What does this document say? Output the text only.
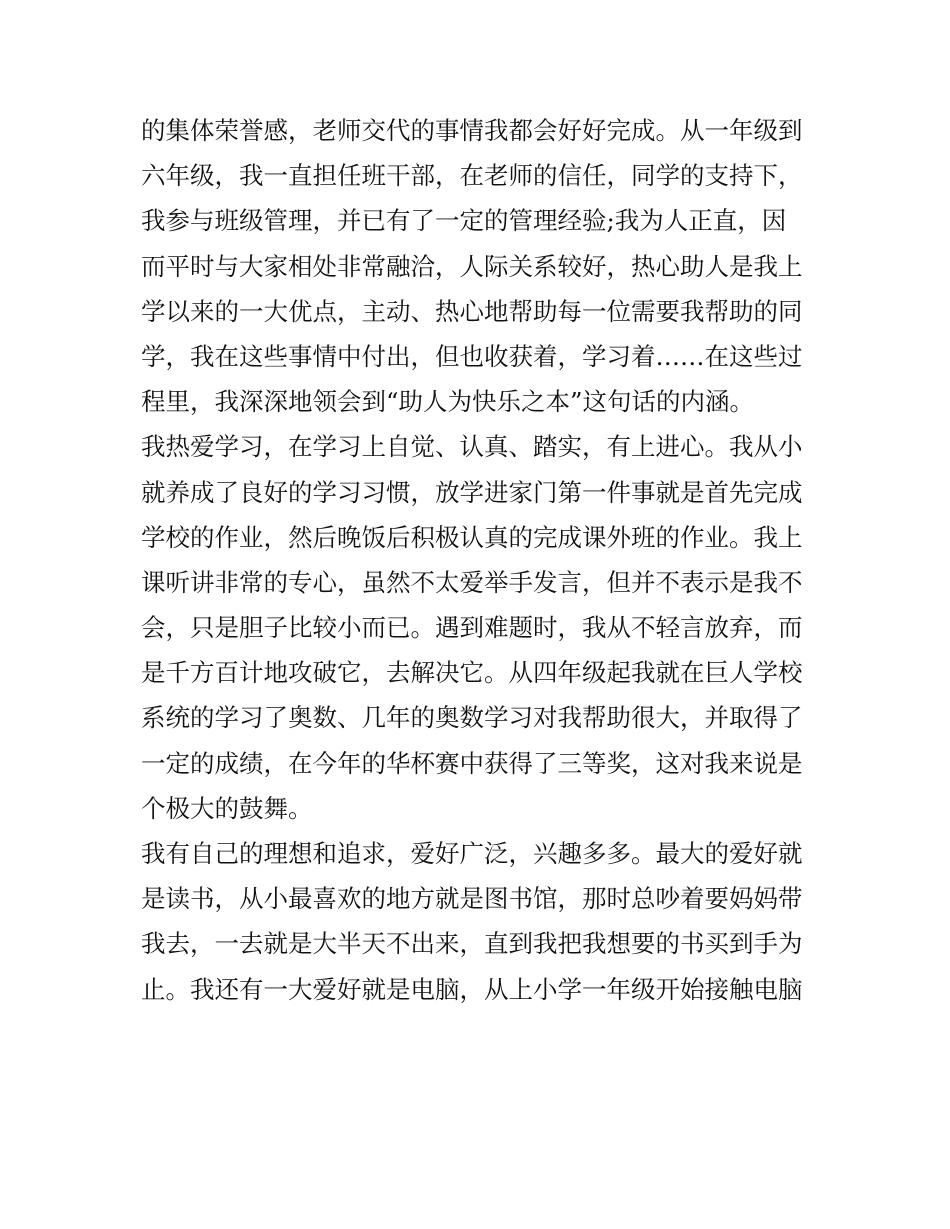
的集体荣誉感，老师交代的事情我都会好好完成。从一年级到
六年级，我一直担任班干部，在老师的信任，同学的支持下，
我参与班级管理，并已有了一定的管理经验;我为人正直，因
而平时与大家相处非常融洽，人际关系较好，热心助人是我上
学以来的一大优点，主动、热心地帮助每一位需要我帮助的同
学，我在这些事情中付出，但也收获着，学习着……在这些过
程里，我深深地领会到“助人为快乐之本”这句话的内涵。
我热爱学习，在学习上自觉、认真、踏实，有上进心。我从小
就养成了良好的学习习惯，放学进家门第一件事就是首先完成
学校的作业，然后晚饭后积极认真的完成课外班的作业。我上
课听讲非常的专心，虽然不太爱举手发言，但并不表示是我不
会，只是胆子比较小而已。遇到难题时，我从不轻言放弃，而
是千方百计地攻破它，去解决它。从四年级起我就在巨人学校
系统的学习了奥数、几年的奥数学习对我帮助很大，并取得了
一定的成绩，在今年的华杯赛中获得了三等奖，这对我来说是
个极大的鼓舞。
我有自己的理想和追求，爱好广泛，兴趣多多。最大的爱好就
是读书，从小最喜欢的地方就是图书馆，那时总吵着要妈妈带
我去，一去就是大半天不出来，直到我把我想要的书买到手为
止。我还有一大爱好就是电脑，从上小学一年级开始接触电脑
